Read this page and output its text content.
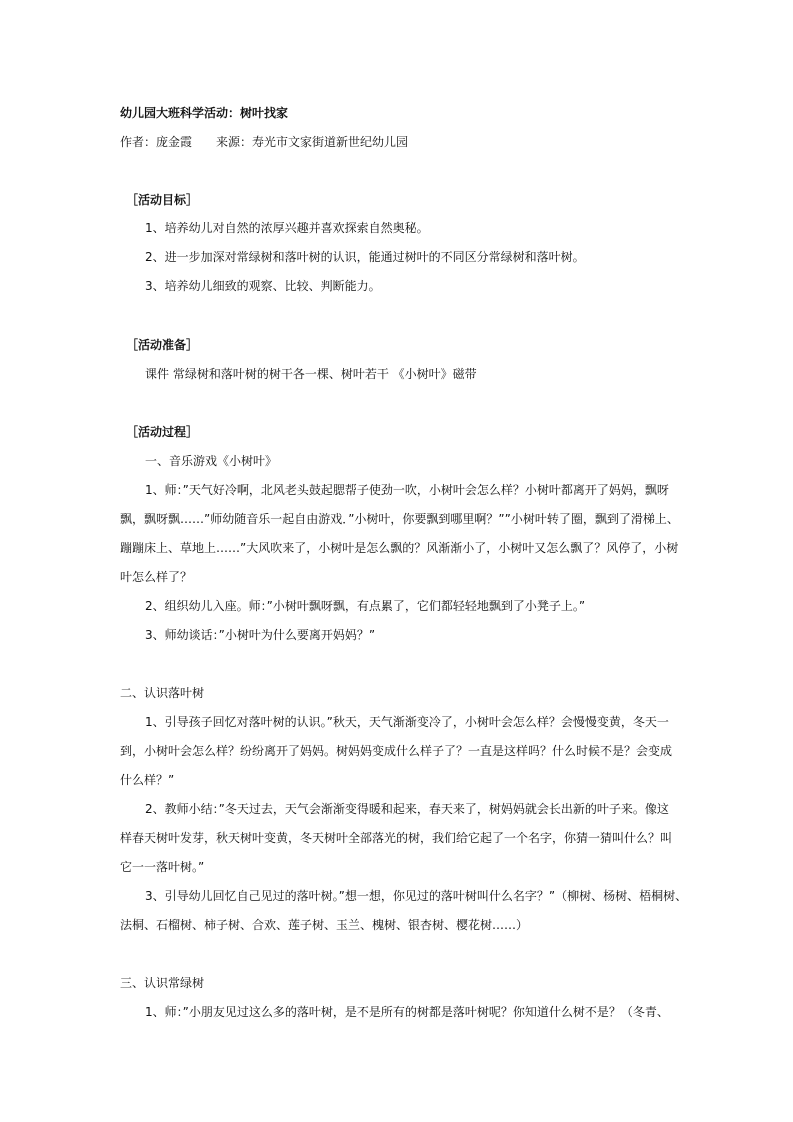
幼儿园大班科学活动：树叶找家
作者：庞金霞 来源：寿光市文家街道新世纪幼儿园
［活动目标］
1、培养幼儿对自然的浓厚兴趣并喜欢探索自然奥秘。
2、进一步加深对常绿树和落叶树的认识，能通过树叶的不同区分常绿树和落叶树。
3、培养幼儿细致的观察、比较、判断能力。
［活动准备］
课件 常绿树和落叶树的树干各一棵、树叶若干 《小树叶》磁带
［活动过程］
一、音乐游戏《小树叶》
1、师：”天气好冷啊，北风老头鼓起腮帮子使劲一吹，小树叶会怎么样？小树叶都离开了妈妈，飘呀
飘，飘呀飘……”师幼随音乐一起自由游戏．”小树叶，你要飘到哪里啊？””小树叶转了圈，飘到了滑梯上、
蹦蹦床上、草地上……”大风吹来了，小树叶是怎么飘的？风渐渐小了，小树叶又怎么飘了？风停了，小树
叶怎么样了？
2、组织幼儿入座。师：”小树叶飘呀飘，有点累了，它们都轻轻地飘到了小凳子上。”
3、师幼谈话：”小树叶为什么要离开妈妈？”
二、认识落叶树
1、引导孩子回忆对落叶树的认识。”秋天，天气渐渐变冷了，小树叶会怎么样？会慢慢变黄，冬天一
到，小树叶会怎么样？纷纷离开了妈妈。树妈妈变成什么样子了？一直是这样吗？什么时候不是？会变成
什么样？”
2、教师小结：”冬天过去，天气会渐渐变得暖和起来，春天来了，树妈妈就会长出新的叶子来。像这
样春天树叶发芽，秋天树叶变黄，冬天树叶全部落光的树，我们给它起了一个名字，你猜一猜叫什么？叫
它一一落叶树。”
3、引导幼儿回忆自己见过的落叶树。”想一想，你见过的落叶树叫什么名字？”（柳树、杨树、梧桐树、
法桐、石榴树、柿子树、合欢、莲子树、玉兰、槐树、银杏树、樱花树……）
三、认识常绿树
1、师：”小朋友见过这么多的落叶树，是不是所有的树都是落叶树呢？你知道什么树不是？（冬青、
